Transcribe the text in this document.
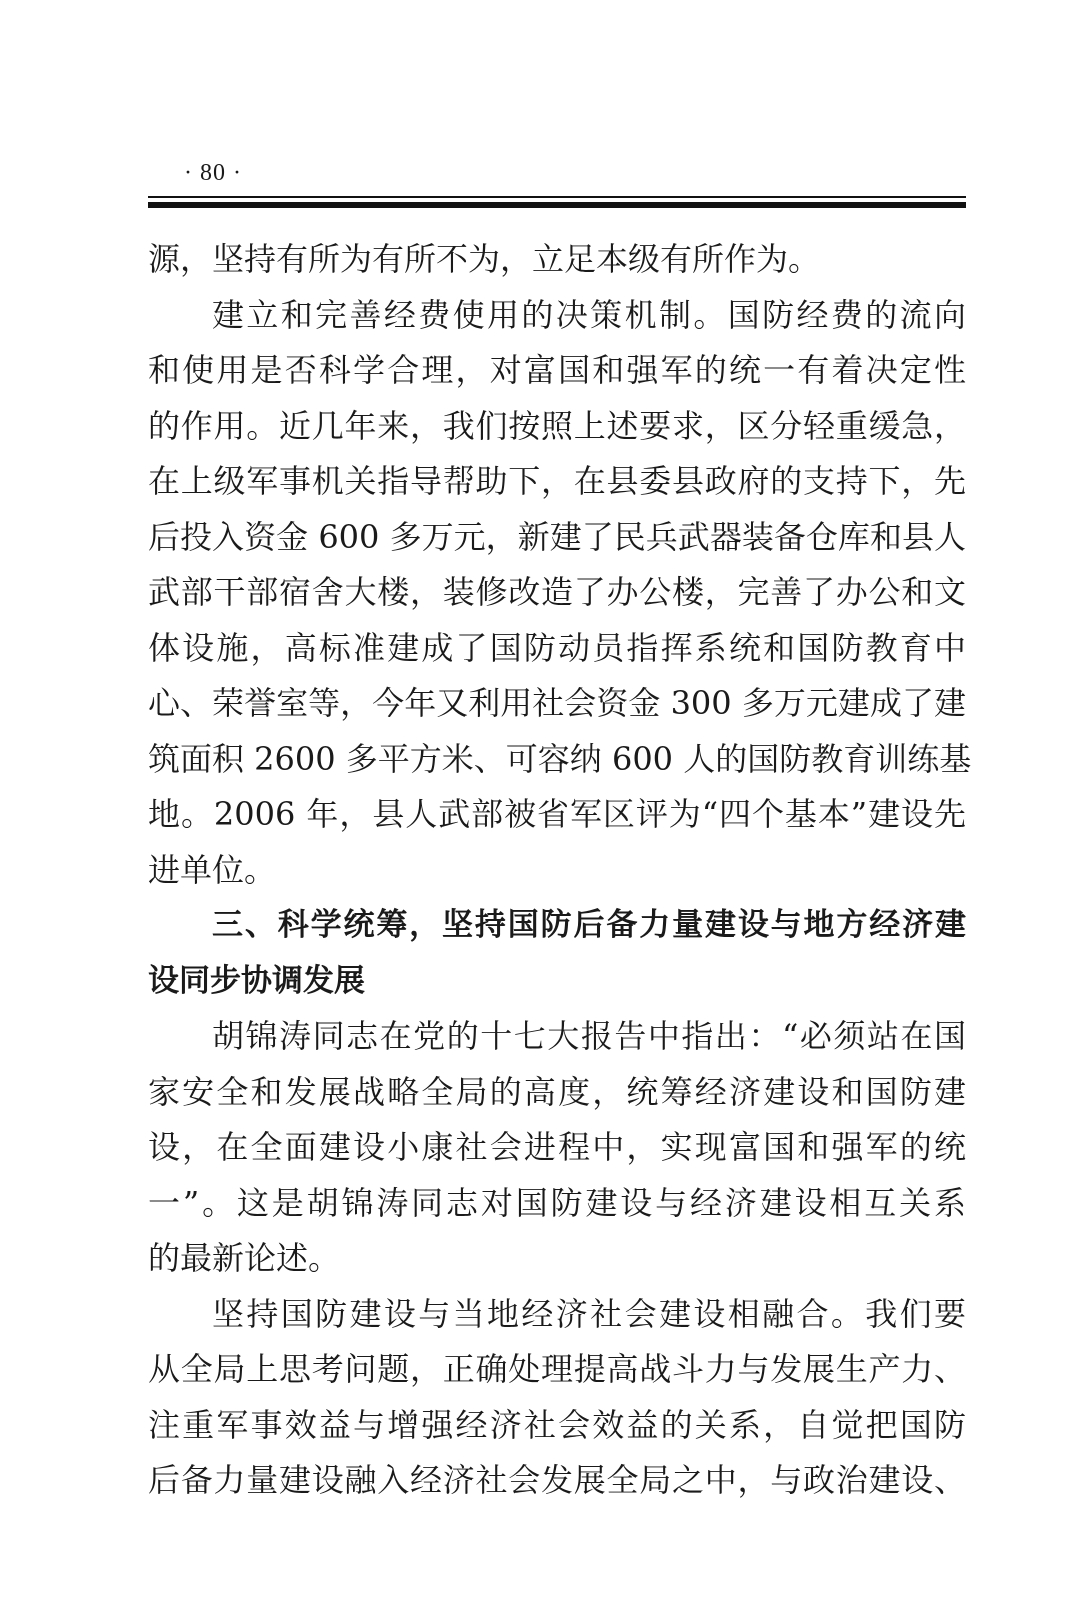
· 80 ·
源，坚持有所为有所不为，立足本级有所作为。
建立和完善经费使用的决策机制。国防经费的流向
和使用是否科学合理，对富国和强军的统一有着决定性
的作用。近几年来，我们按照上述要求，区分轻重缓急，
在上级军事机关指导帮助下，在县委县政府的支持下，先
后投入资金 600 多万元，新建了民兵武器装备仓库和县人
武部干部宿舍大楼，装修改造了办公楼，完善了办公和文
体设施，高标准建成了国防动员指挥系统和国防教育中
心、荣誉室等，今年又利用社会资金 300 多万元建成了建
筑面积 2600 多平方米、可容纳 600 人的国防教育训练基
地。2006 年，县人武部被省军区评为“四个基本”建设先
进单位。
三、科学统筹，坚持国防后备力量建设与地方经济建
设同步协调发展
胡锦涛同志在党的十七大报告中指出：“必须站在国
家安全和发展战略全局的高度，统筹经济建设和国防建
设，在全面建设小康社会进程中，实现富国和强军的统
一”。这是胡锦涛同志对国防建设与经济建设相互关系
的最新论述。
坚持国防建设与当地经济社会建设相融合。我们要
从全局上思考问题，正确处理提高战斗力与发展生产力、
注重军事效益与增强经济社会效益的关系，自觉把国防
后备力量建设融入经济社会发展全局之中，与政治建设、
